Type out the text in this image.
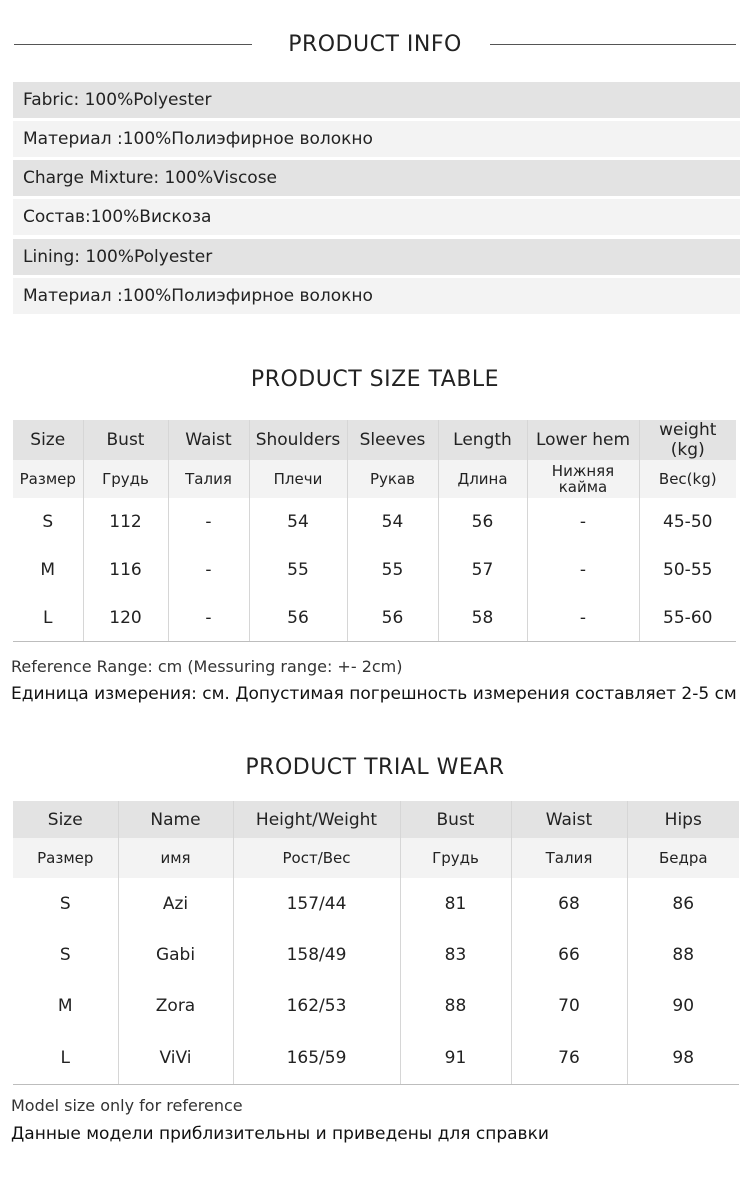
PRODUCT INFO
Fabric: 100%Polyester
Материал :100%Полиэфирное волокно
Charge Mixture: 100%Viscose
Состав:100%Вискоза
Lining: 100%Polyester
Материал :100%Полиэфирное волокно
PRODUCT SIZE TABLE
Size	Bust	Waist	Shoulders	Sleeves	Length	Lower hem	weight (kg)
Размер	Грудь	Талия	Плечи	Рукав	Длина	Нижняя кайма	Вес(kg)
S	112	-	54	54	56	-	45-50
M	116	-	55	55	57	-	50-55
L	120	-	56	56	58	-	55-60
Reference Range: cm (Messuring range: +- 2cm)
Единица измерения: см. Допустимая погрешность измерения составляет 2-5 см
PRODUCT TRIAL WEAR
Size	Name	Height/Weight	Bust	Waist	Hips
Размер	имя	Рост/Вес	Грудь	Талия	Бедра
S	Azi	157/44	81	68	86
S	Gabi	158/49	83	66	88
M	Zora	162/53	88	70	90
L	ViVi	165/59	91	76	98
Model size only for reference
Данные модели приблизительны и приведены для справки
